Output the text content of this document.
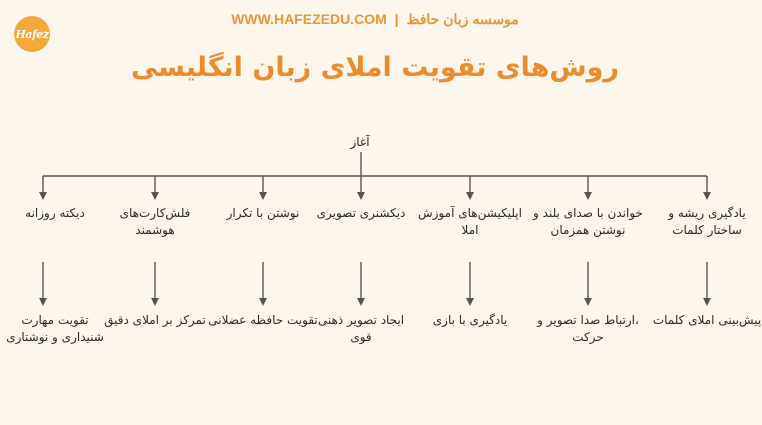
Hafez
WWW.HAFEZEDU.COM | موسسه زبان حافظ
روش‌های تقویت املای زبان انگلیسی
آغاز
یادگیری ریشه و ساختار کلمات
خواندن با صدای بلند و نوشتن همزمان
اپلیکیشن‌های آموزش املا
دیکشنری تصویری
نوشتن با تکرار
فلش‌کارت‌های هوشمند
دیکته روزانه
پیش‌بینی املای کلمات
،ارتباط صدا تصویر و حرکت
یادگیری با بازی
ایجاد تصویر ذهنی قوی
تقویت حافظه عضلانی
تمرکز بر املای دقیق
تقویت مهارت شنیداری و نوشتاری
